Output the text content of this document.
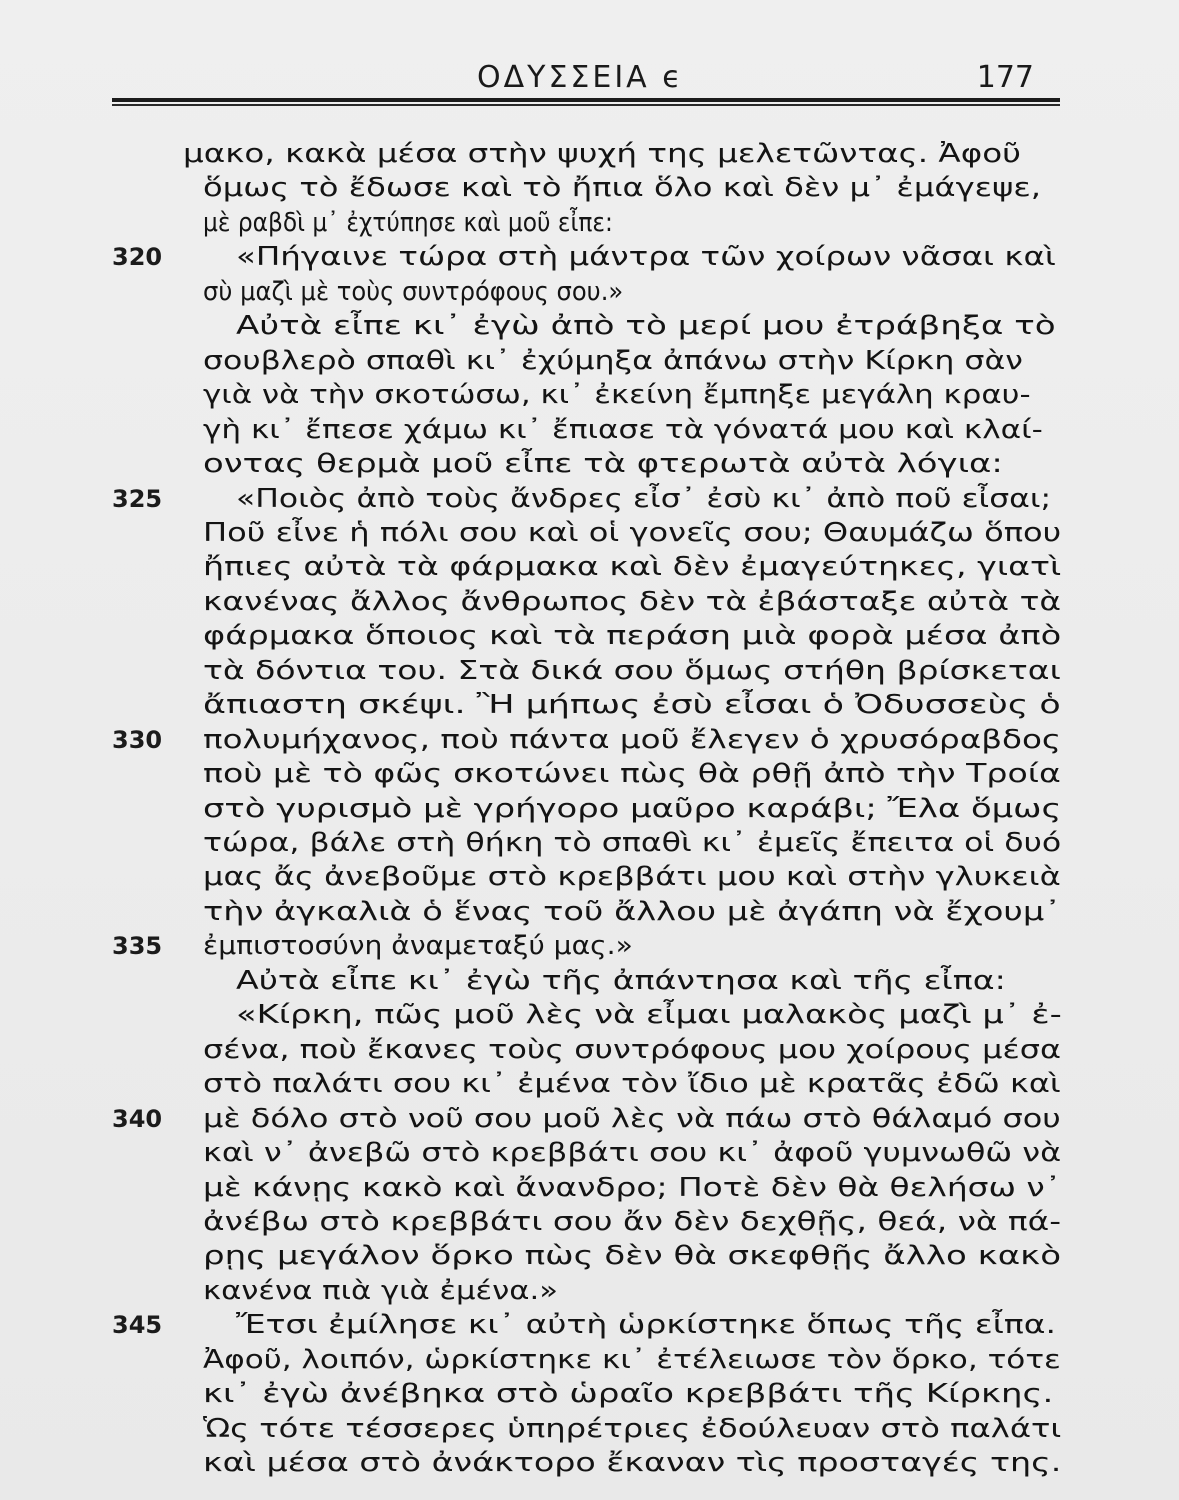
ΟΔΥΣΣΕΙΑ ϵ	177
μακο, κακὰ μέσα στὴν ψυχή της μελετῶντας. Ἀφοῦ
ὅμως τὸ ἔδωσε καὶ τὸ ἤπια ὅλο καὶ δὲν μ᾽ ἐμάγεψε,
μὲ ραβδὶ μ᾽ ἐχτύπησε καὶ μοῦ εἶπε:
«Πήγαινε τώρα στὴ μάντρα τῶν χοίρων νᾶσαι καὶ
320
σὺ μαζὶ μὲ τοὺς συντρόφους σου.»
Αὐτὰ εἶπε κι᾽ ἐγὼ ἀπὸ τὸ μερί μου ἐτράβηξα τὸ
σουβλερὸ σπαθὶ κι᾽ ἐχύμηξα ἀπάνω στὴν Κίρκη σὰν
γιὰ νὰ τὴν σκοτώσω, κι᾽ ἐκείνη ἔμπηξε μεγάλη κραυ-
γὴ κι᾽ ἔπεσε χάμω κι᾽ ἔπιασε τὰ γόνατά μου καὶ κλαί-
οντας θερμὰ μοῦ εἶπε τὰ φτερωτὰ αὐτὰ λόγια:
«Ποιὸς ἀπὸ τοὺς ἄνδρες εἶσ᾽ ἐσὺ κι᾽ ἀπὸ ποῦ εἶσαι;
325
Ποῦ εἶνε ἡ πόλι σου καὶ οἱ γονεῖς σου; Θαυμάζω ὅπου
ἤπιες αὐτὰ τὰ φάρμακα καὶ δὲν ἐμαγεύτηκες, γιατὶ
κανένας ἄλλος ἄνθρωπος δὲν τὰ ἐβάσταξε αὐτὰ τὰ
φάρμακα ὅποιος καὶ τὰ περάση μιὰ φορὰ μέσα ἀπὸ
τὰ δόντια του. Στὰ δικά σου ὅμως στήθη βρίσκεται
ἄπιαστη σκέψι. Ἢ μήπως ἐσὺ εἶσαι ὁ Ὀδυσσεὺς ὁ
πολυμήχανος, ποὺ πάντα μοῦ ἔλεγεν ὁ χρυσόραβδος
330
ποὺ μὲ τὸ φῶς σκοτώνει πὼς θὰ ρθῇ ἀπὸ τὴν Τροία
στὸ γυρισμὸ μὲ γρήγορο μαῦρο καράβι; Ἔλα ὅμως
τώρα, βάλε στὴ θήκη τὸ σπαθὶ κι᾽ ἐμεῖς ἔπειτα οἱ δυό
μας ἄς ἀνεβοῦμε στὸ κρεββάτι μου καὶ στὴν γλυκειὰ
τὴν ἀγκαλιὰ ὁ ἕνας τοῦ ἄλλου μὲ ἀγάπη νὰ ἔχουμ᾽
ἐμπιστοσύνη ἀναμεταξύ μας.»
335
Αὐτὰ εἶπε κι᾽ ἐγὼ τῆς ἀπάντησα καὶ τῆς εἶπα:
«Κίρκη, πῶς μοῦ λὲς νὰ εἶμαι μαλακὸς μαζὶ μ᾽ ἐ-
σένα, ποὺ ἔκανες τοὺς συντρόφους μου χοίρους μέσα
στὸ παλάτι σου κι᾽ ἐμένα τὸν ἴδιο μὲ κρατᾶς ἐδῶ καὶ
μὲ δόλο στὸ νοῦ σου μοῦ λὲς νὰ πάω στὸ θάλαμό σου
340
καὶ ν᾽ ἀνεβῶ στὸ κρεββάτι σου κι᾽ ἀφοῦ γυμνωθῶ νὰ
μὲ κάνῃς κακὸ καὶ ἄνανδρο; Ποτὲ δὲν θὰ θελήσω ν᾽
ἀνέβω στὸ κρεββάτι σου ἄν δὲν δεχθῇς, θεά, νὰ πά-
ρῃς μεγάλον ὅρκο πὼς δὲν θὰ σκεφθῇς ἄλλο κακὸ
κανένα πιὰ γιὰ ἐμένα.»
Ἔτσι ἐμίλησε κι᾽ αὐτὴ ὡρκίστηκε ὅπως τῆς εἶπα.
345
Ἀφοῦ, λοιπόν, ὡρκίστηκε κι᾽ ἐτέλειωσε τὸν ὅρκο, τότε
κι᾽ ἐγὼ ἀνέβηκα στὸ ὡραῖο κρεββάτι τῆς Κίρκης.
Ὡς τότε τέσσερες ὑπηρέτριες ἐδούλευαν στὸ παλάτι
καὶ μέσα στὸ ἀνάκτορο ἔκαναν τὶς προσταγές της.
